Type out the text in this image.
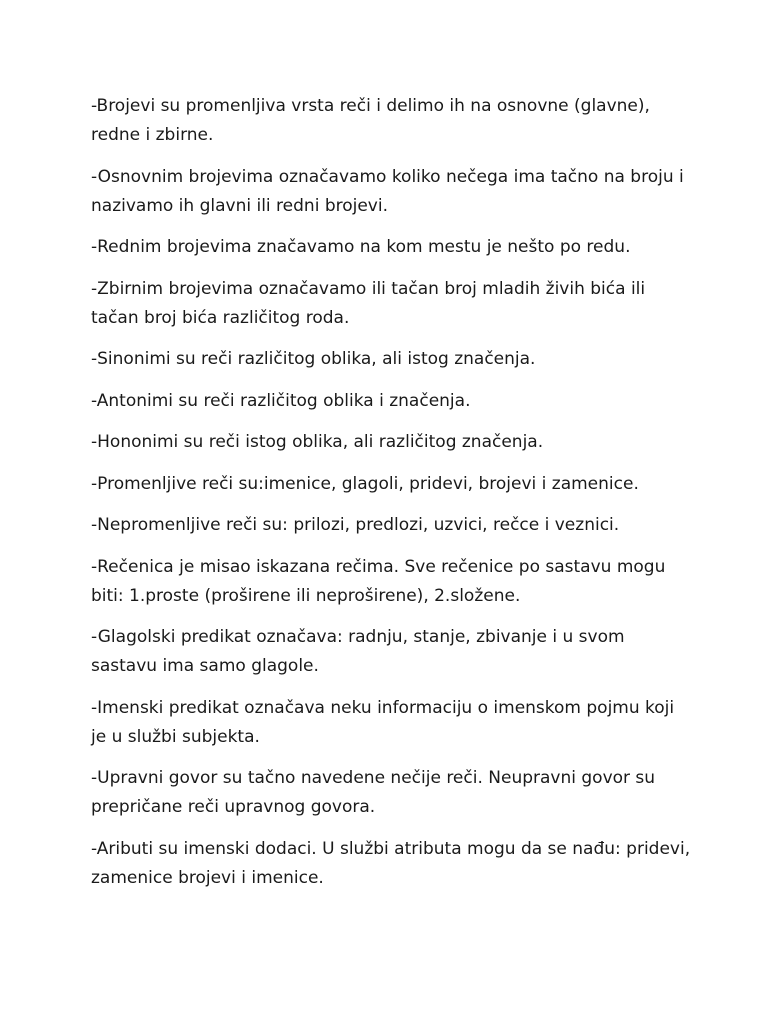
-Brojevi su promenljiva vrsta reči i delimo ih na osnovne (glavne), redne i zbirne.

-Osnovnim brojevima označavamo koliko nečega ima tačno na broju i nazivamo ih glavni ili redni brojevi.

-Rednim brojevima značavamo na kom mestu je nešto po redu.

-Zbirnim brojevima označavamo ili tačan broj mladih živih bića ili tačan broj bića različitog roda.

-Sinonimi su reči različitog oblika, ali istog značenja.

-Antonimi su reči različitog oblika i značenja.

-Hononimi su reči istog oblika, ali različitog značenja.

-Promenljive reči su:imenice, glagoli, pridevi, brojevi i zamenice.

-Nepromenljive reči su: prilozi, predlozi, uzvici, rečce i veznici.

-Rečenica je misao iskazana rečima. Sve rečenice po sastavu mogu biti: 1.proste (proširene ili neproširene), 2.složene.

-Glagolski predikat označava: radnju, stanje, zbivanje i u svom sastavu ima samo glagole.

-Imenski predikat označava neku informaciju o imenskom pojmu koji je u službi subjekta.

-Upravni govor su tačno navedene nečije reči. Neupravni govor su prepričane reči upravnog govora.

-Aributi su imenski dodaci. U službi atributa mogu da se nađu: pridevi, zamenice brojevi i imenice.
